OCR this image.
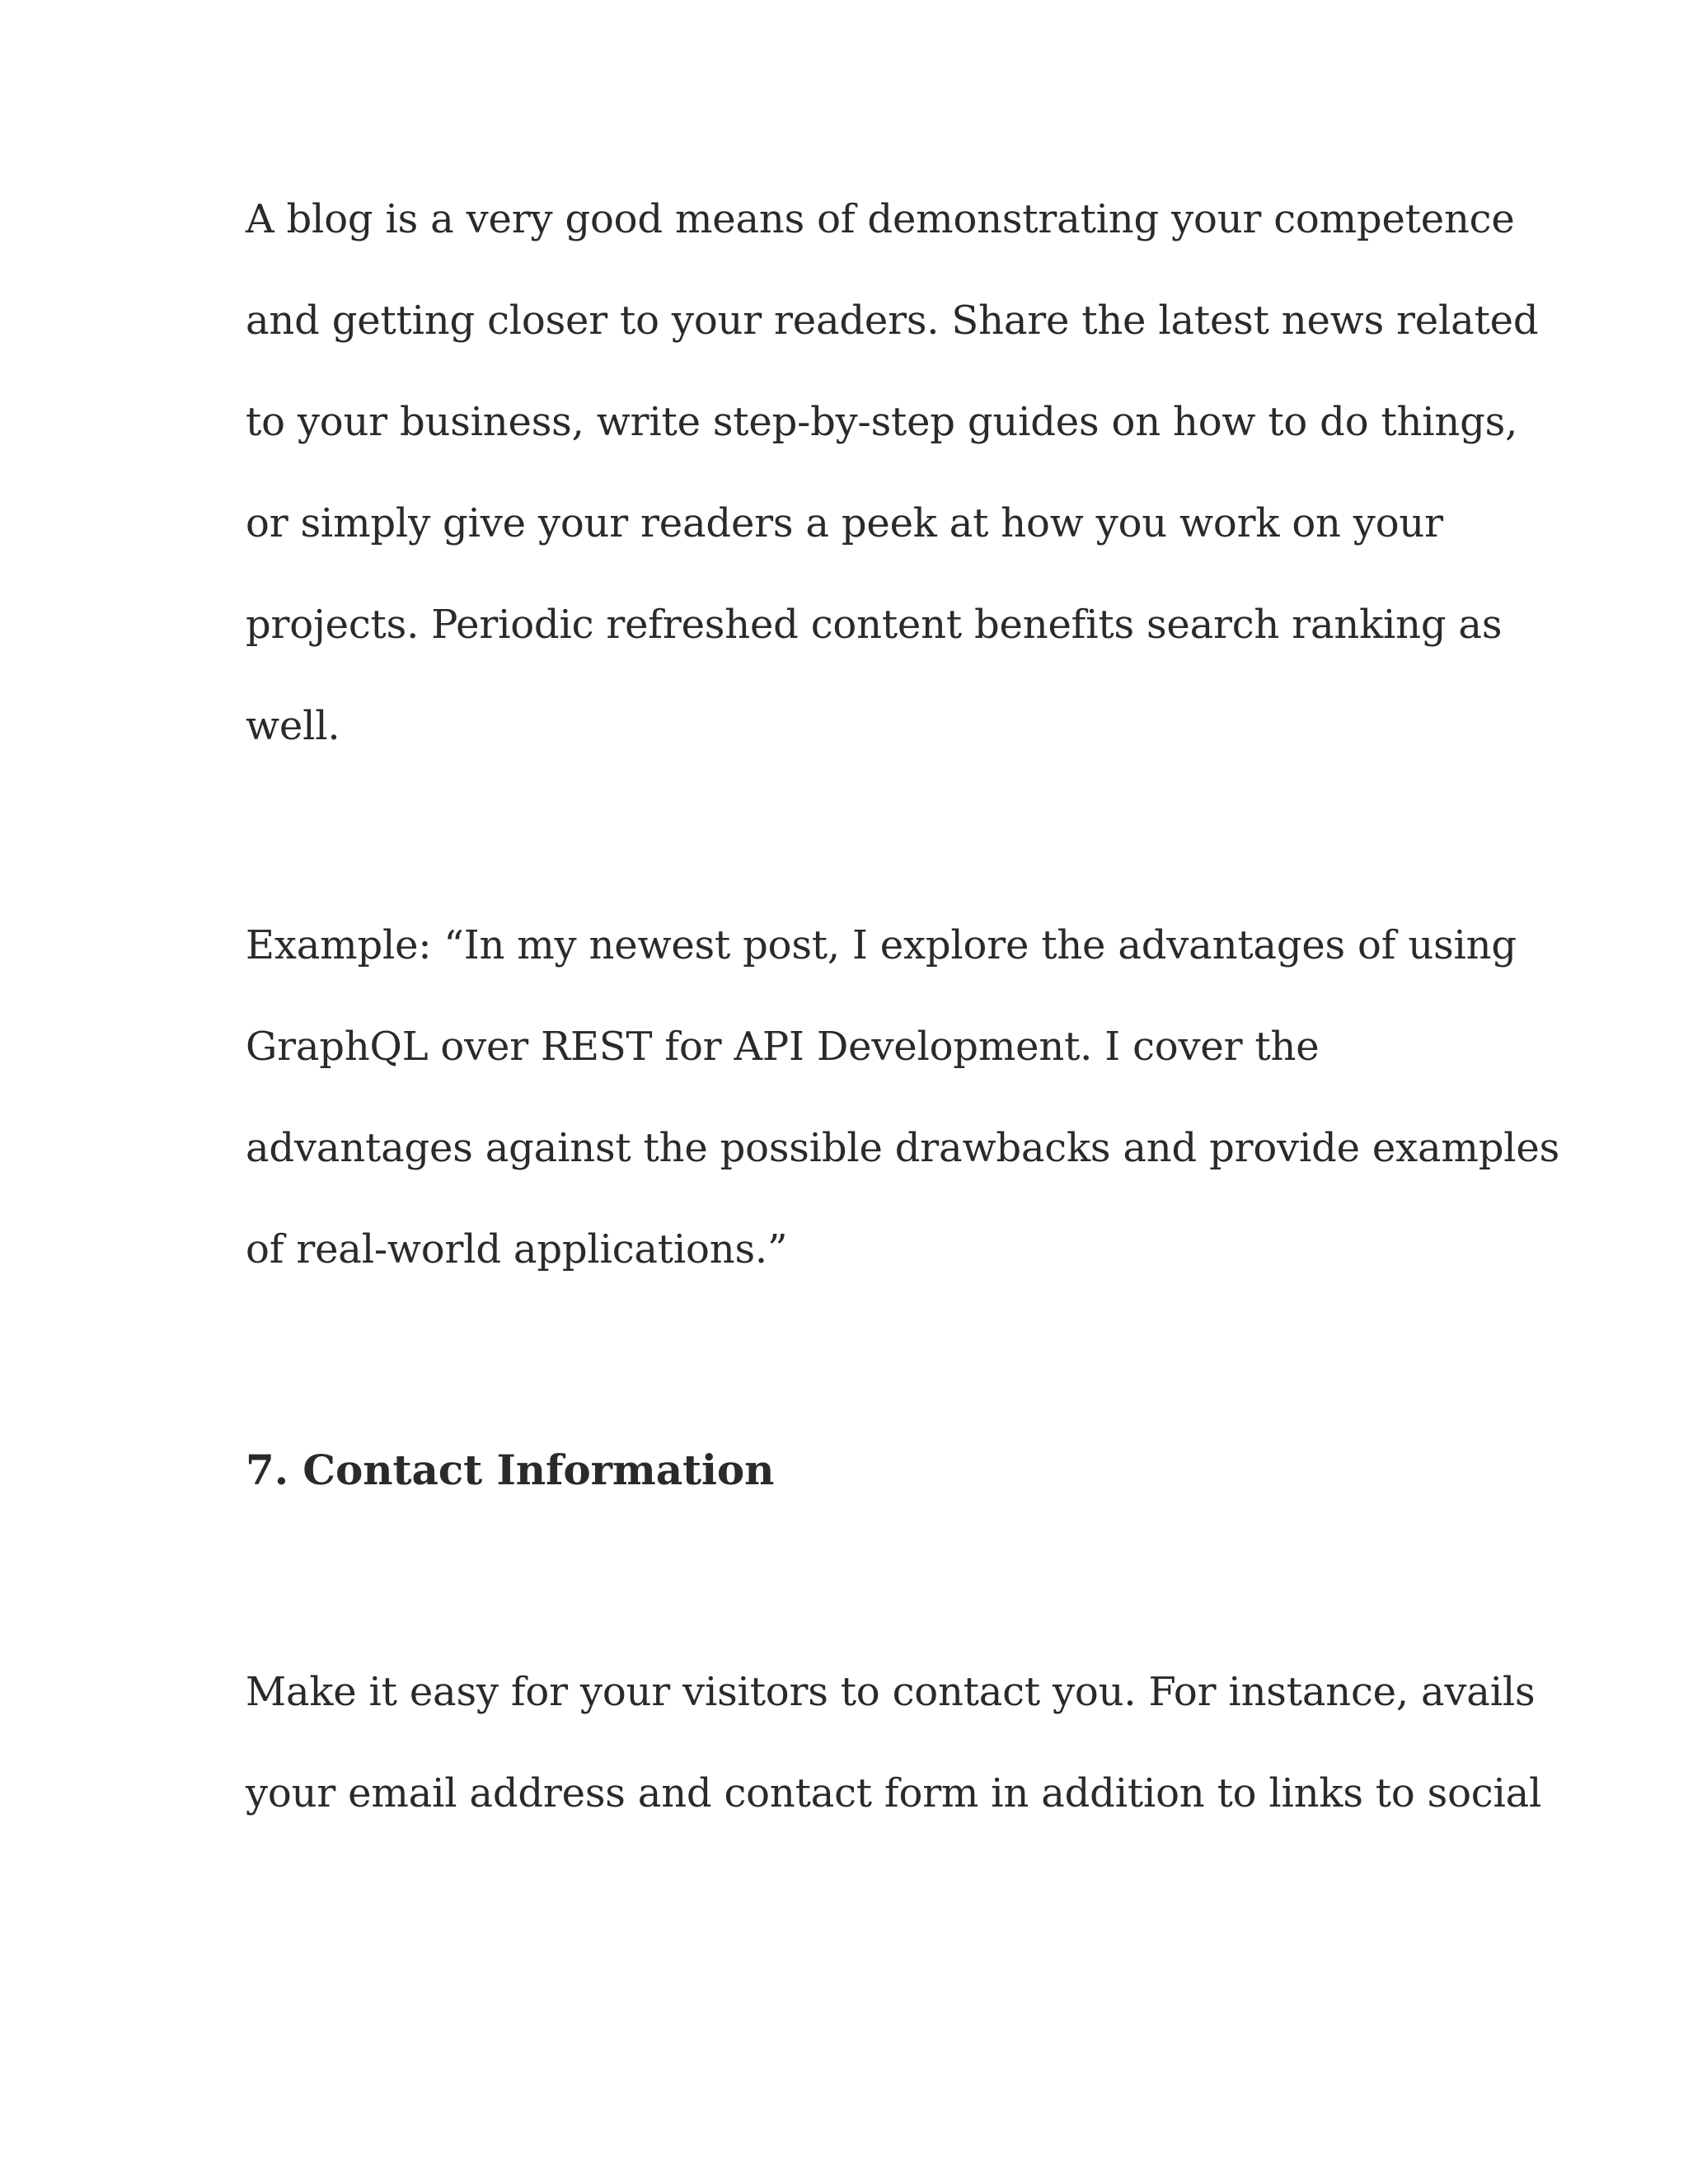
A blog is a very good means of demonstrating your competence
and getting closer to your readers. Share the latest news related
to your business, write step-by-step guides on how to do things,
or simply give your readers a peek at how you work on your
projects. Periodic refreshed content benefits search ranking as
well.
Example: “In my newest post, I explore the advantages of using
GraphQL over REST for API Development. I cover the
advantages against the possible drawbacks and provide examples
of real-world applications.”
7. Contact Information
Make it easy for your visitors to contact you. For instance, avails
your email address and contact form in addition to links to social
